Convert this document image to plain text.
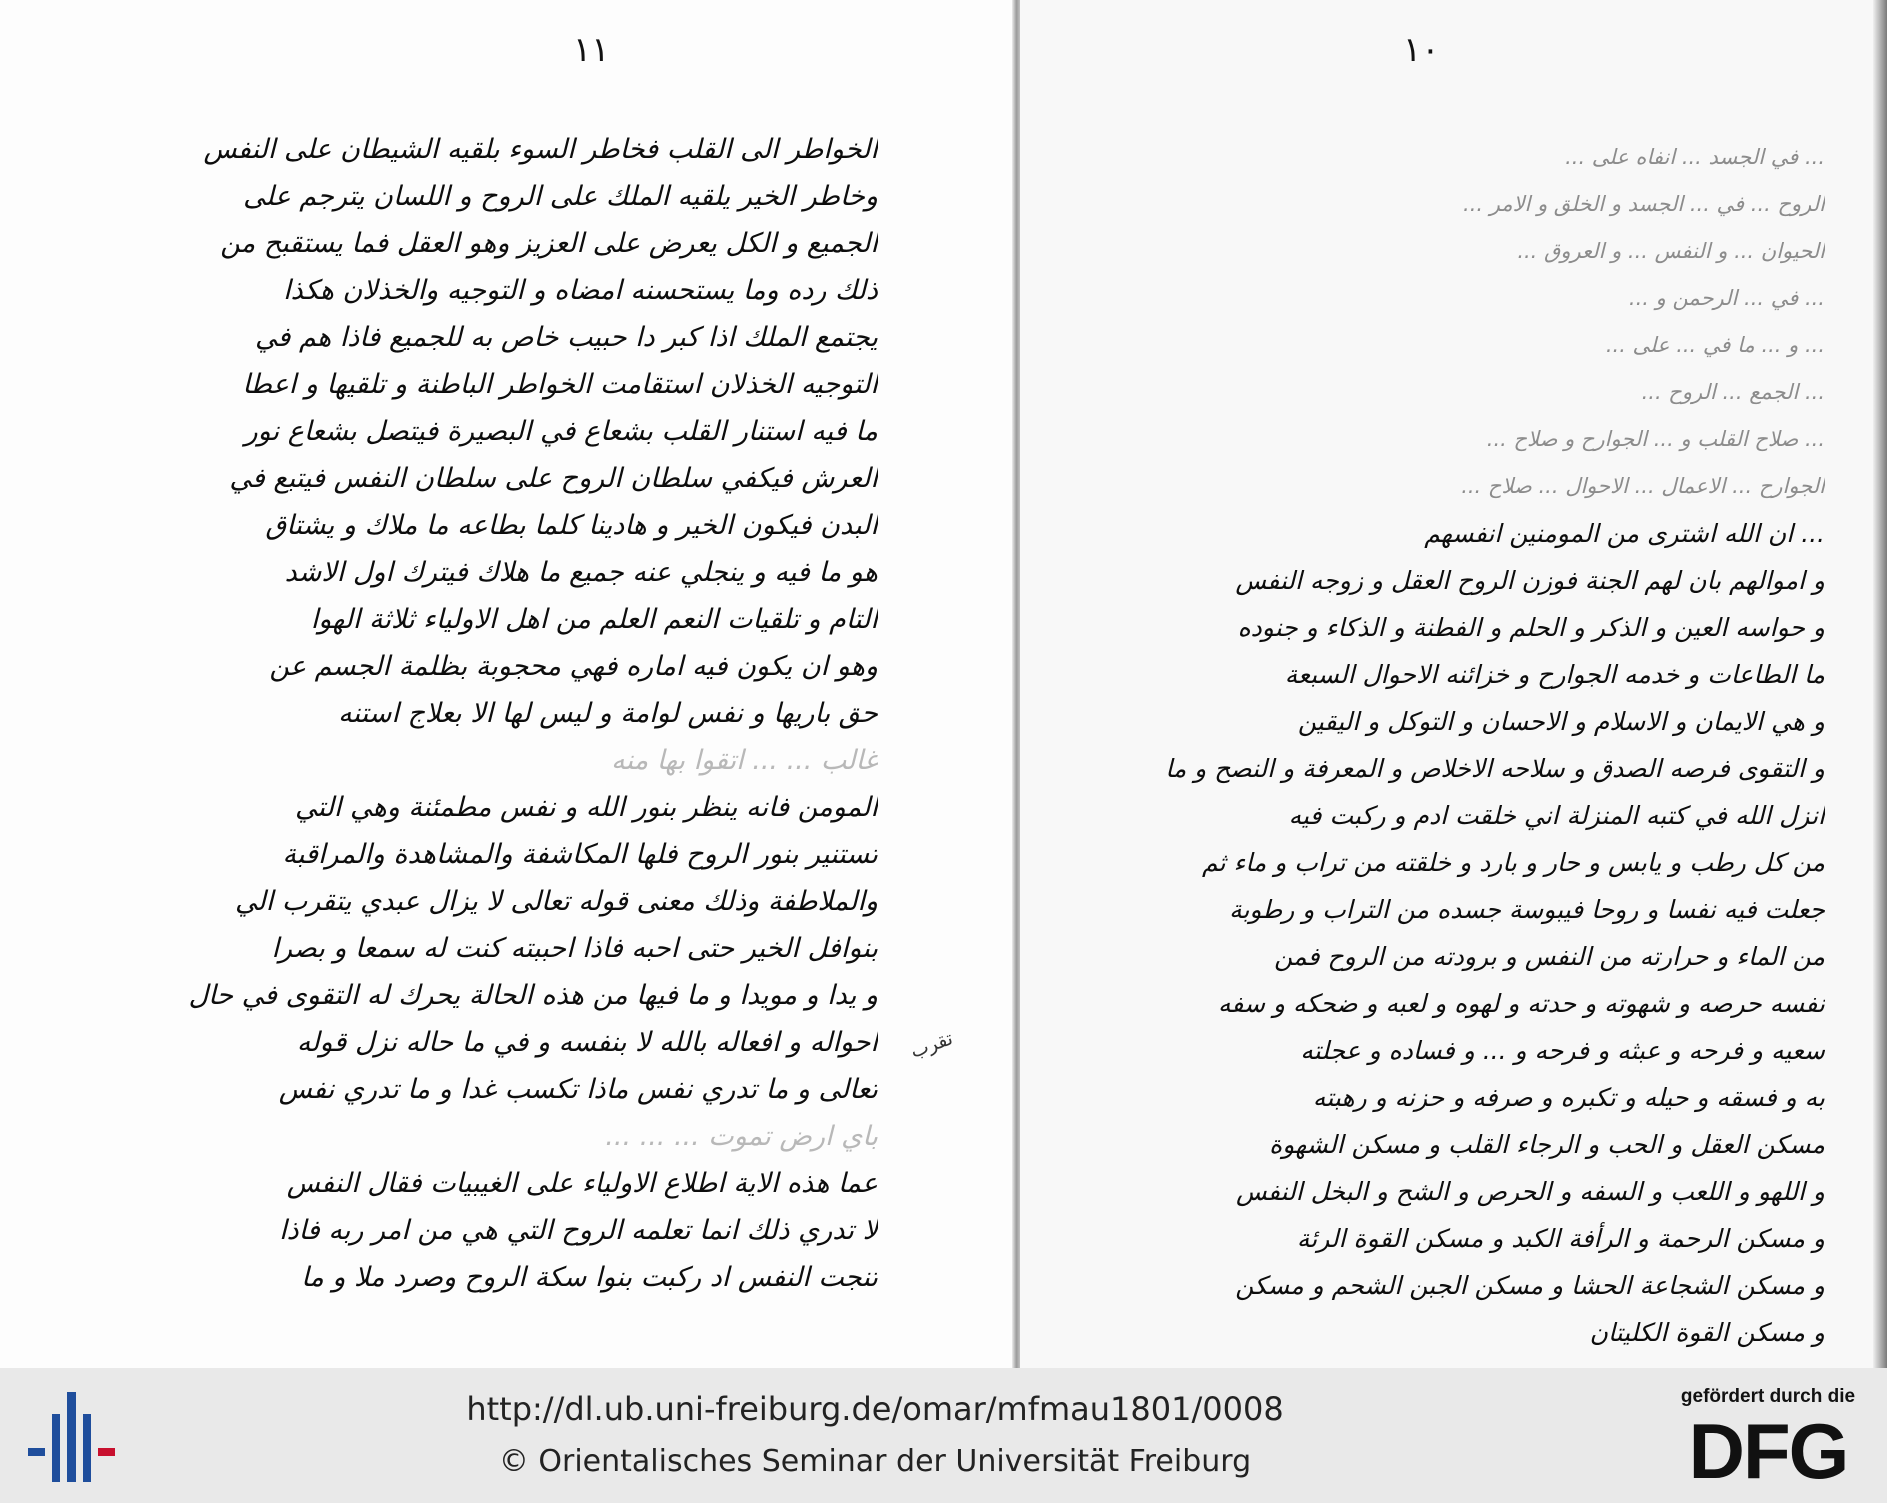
١١
الخواطر الى القلب فخاطر السوء بلقيه الشيطان على النفس
وخاطر الخير يلقيه الملك على الروح و اللسان يترجم على
الجميع و الكل يعرض على العزيز وهو العقل فما يستقبح من
ذلك رده وما يستحسنه امضاه و التوجيه والخذلان هكذا
يجتمع الملك اذا كبر دا حبيب خاص به للجميع فاذا هم في
التوجيه الخذلان استقامت الخواطر الباطنة و تلقيها و اعطا
ما فيه استنار القلب بشعاع في البصيرة فيتصل بشعاع نور
العرش فيكفي سلطان الروح على سلطان النفس فيتبع في
البدن فيكون الخير و هادينا كلما بطاعه ما ملاك و يشتاق
هو ما فيه و ينجلي عنه جميع ما هلاك فيترك اول الاشد
التام و تلقيات النعم العلم من اهل الاولياء ثلاثة الهوا
وهو ان يكون فيه اماره فهي محجوبة بظلمة الجسم عن
حق باريها و نفس لوامة و ليس لها الا بعلاج استنه
غالب ... ... اتقوا بها منه
المومن فانه ينظر بنور الله و نفس مطمئنة وهي التي
تستنير بنور الروح فلها المكاشفة والمشاهدة والمراقبة
والملاطفة وذلك معنى قوله تعالى لا يزال عبدي يتقرب الي
بنوافل الخير حتى احبه فاذا احببته كنت له سمعا و بصرا
و يدا و مويدا و ما فيها من هذه الحالة يحرك له التقوى في حال
احواله و افعاله بالله لا بنفسه و في ما حاله نزل قوله
تعالى و ما تدري نفس ماذا تكسب غدا و ما تدري نفس
باي ارض تموت ... ... ...
عما هذه الاية اطلاع الاولياء على الغيبيات فقال النفس
لا تدري ذلك انما تعلمه الروح التي هي من امر ربه فاذا
تنجت النفس اد ركبت بنوا سكة الروح وصرد ملا و ما
تقرب
١٠
... في الجسد ... انفاه على ...
الروح ... في ... الجسد و الخلق و الامر ...
الحيوان ... و النفس ... و العروق ...
... في ... الرحمن و ...
... و ... ما في ... على ...
... الجمع ... الروح ...
... صلاح القلب و ... الجوارح و صلاح ...
الجوارح ... الاعمال ... الاحوال ... صلاح ...
... ان الله اشترى من المومنين انفسهم
و اموالهم بان لهم الجنة فوزن الروح العقل و زوجه النفس
و حواسه العين و الذكر و الحلم و الفطنة و الذكاء و جنوده
ما الطاعات و خدمه الجوارح و خزائنه الاحوال السبعة
و هي الايمان و الاسلام و الاحسان و التوكل و اليقين
و التقوى فرصه الصدق و سلاحه الاخلاص و المعرفة و النصح و ما
انزل الله في كتبه المنزلة اني خلقت ادم و ركبت فيه
من كل رطب و يابس و حار و بارد و خلقته من تراب و ماء ثم
جعلت فيه نفسا و روحا فيبوسة جسده من التراب و رطوبة
من الماء و حرارته من النفس و برودته من الروح فمن
نفسه حرصه و شهوته و حدته و لهوه و لعبه و ضحكه و سفه
سعيه و فرحه و عبثه و فرحه و ... و فساده و عجلته
به و فسقه و حيله و تكبره و صرفه و حزنه و رهبته
مسكن العقل و الحب و الرجاء القلب و مسكن الشهوة
و اللهو و اللعب و السفه و الحرص و الشح و البخل النفس
و مسكن الرحمة و الرأفة الكبد و مسكن القوة الرئة
و مسكن الشجاعة الحشا و مسكن الجبن الشحم و مسكن
و مسكن القوة الكليتان
http://dl.ub.uni-freiburg.de/omar/mfmau1801/0008
© Orientalisches Seminar der Universität Freiburg
gefördert durch die
DFG
